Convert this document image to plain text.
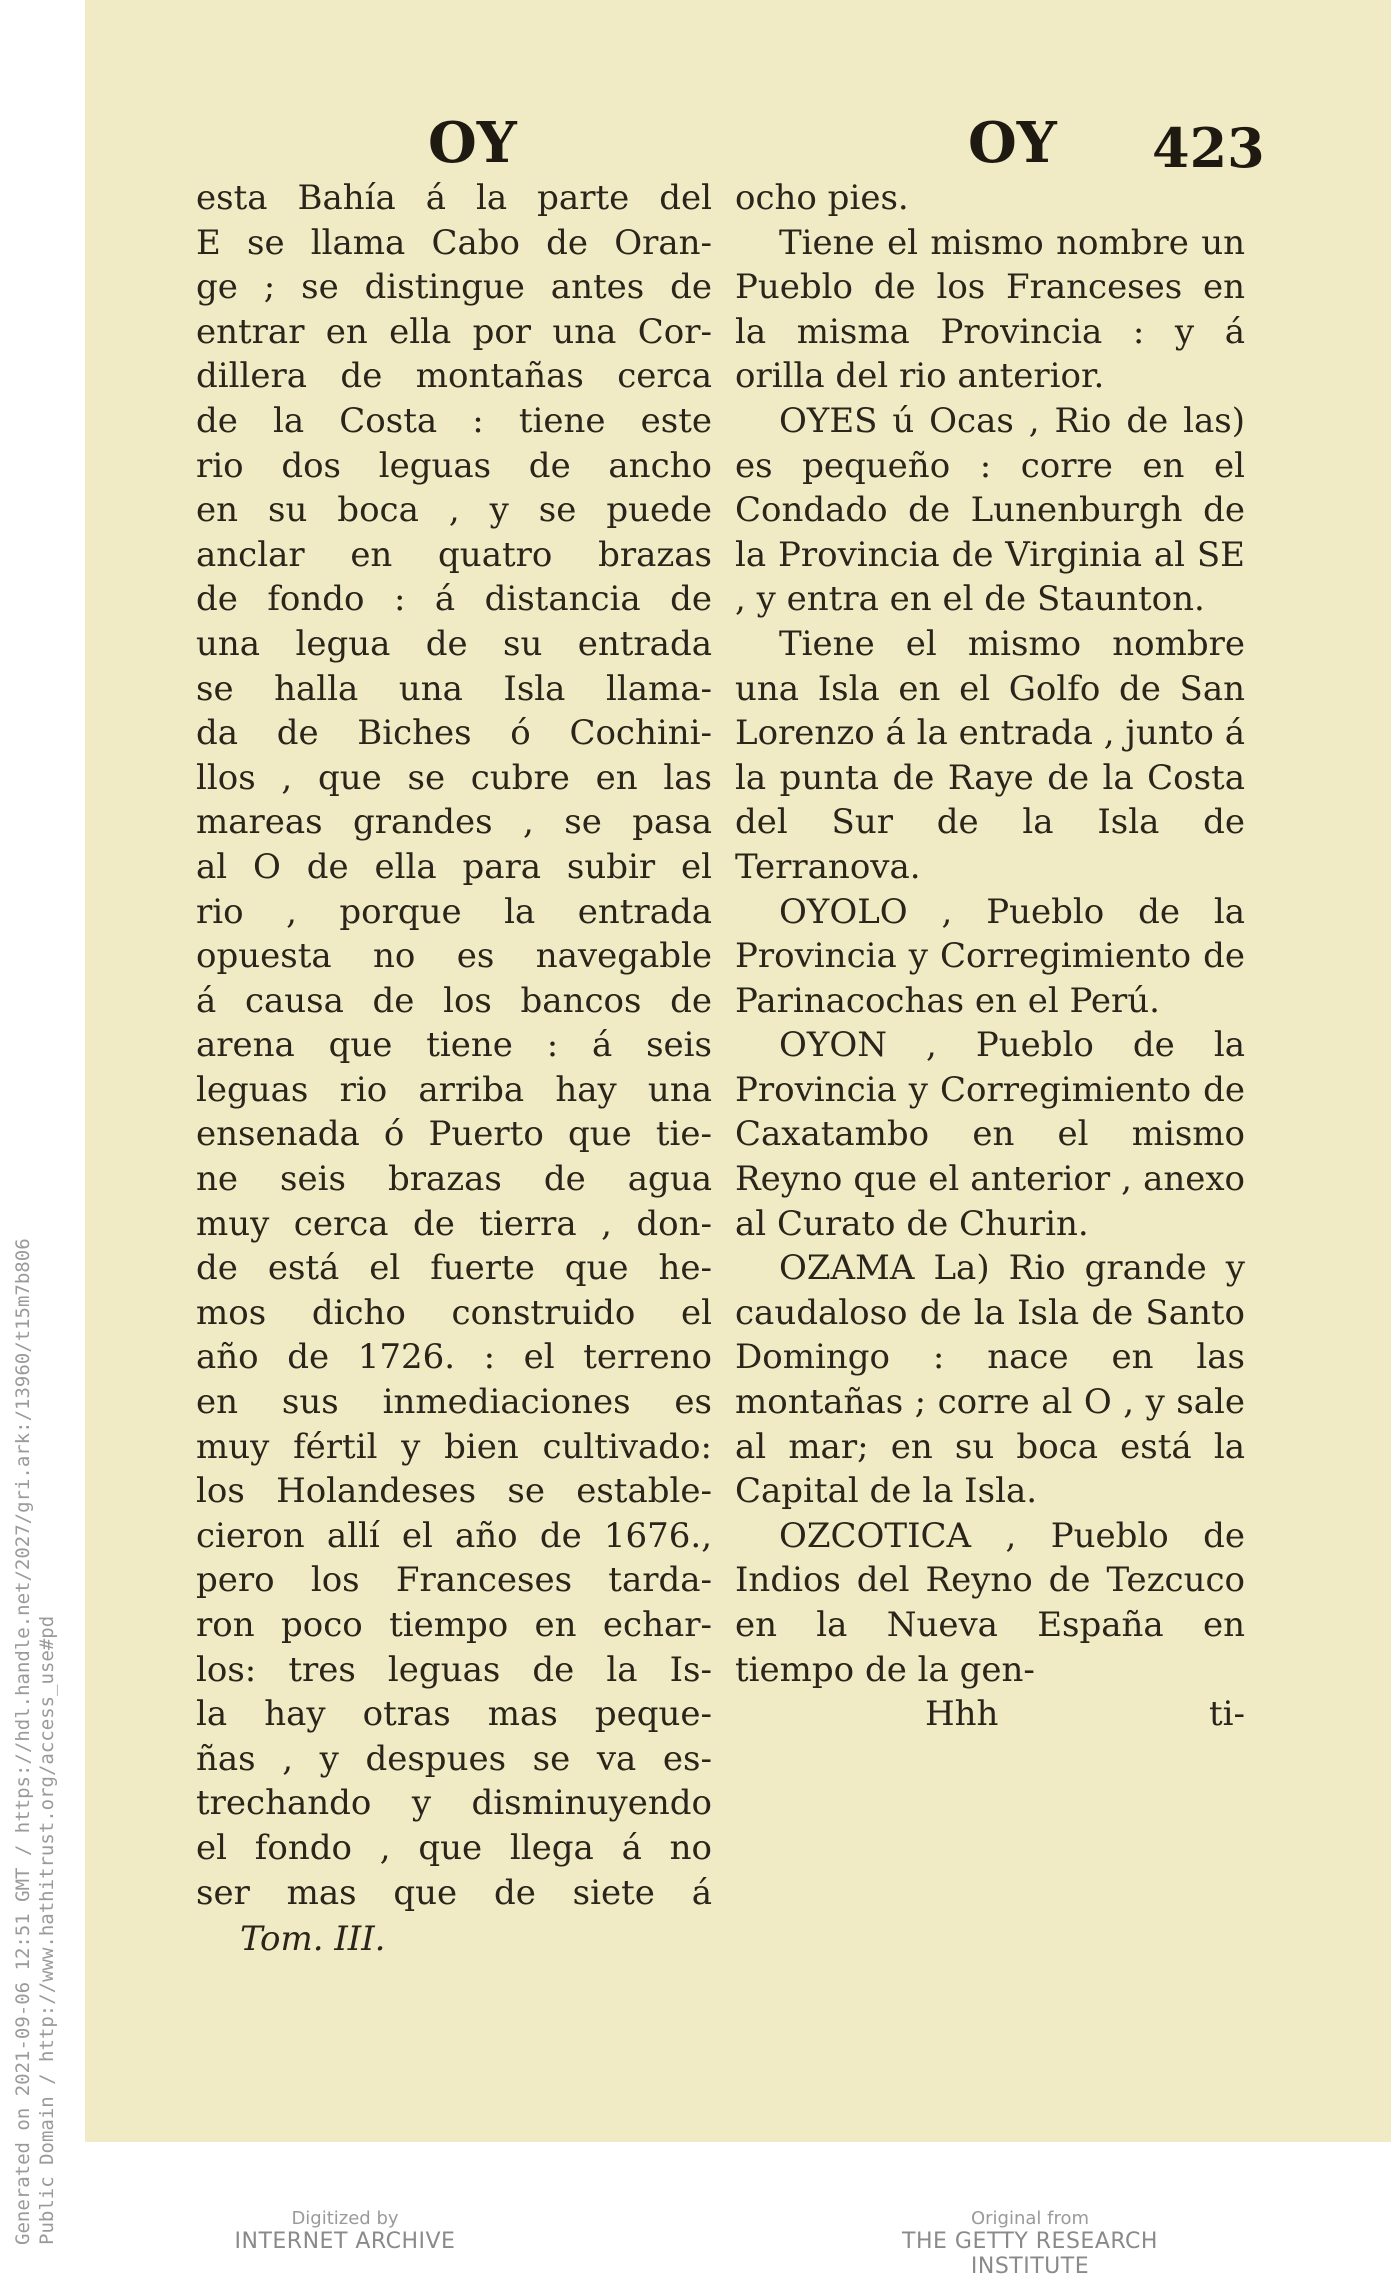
Generated on 2021-09-06 12:51 GMT / https://hdl.handle.net/2027/gri.ark:/13960/t15m7b806 Public Domain / http://www.hathitrust.org/access_use#pd
OY	OY 423

esta Bahía á la parte del

E se llama Cabo de Oran-

ge ; se distingue antes de

entrar en ella por una Cor-

dillera de montañas cerca

de la Costa : tiene este

rio dos leguas de ancho

en su boca , y se puede

anclar en quatro brazas

de fondo : á distancia de

una legua de su entrada

se halla una Isla llama-

da de Biches ó Cochini-

llos , que se cubre en las

mareas grandes , se pasa

al O de ella para subir el

rio , porque la entrada

opuesta no es navegable

á causa de los bancos de

arena que tiene : á seis

leguas rio arriba hay una

ensenada ó Puerto que tie-

ne seis brazas de agua

muy cerca de tierra , don-

de está el fuerte que he-

mos dicho construido el

año de 1726. : el terreno

en sus inmediaciones es

muy fértil y bien cultivado:

los Holandeses se estable-

cieron allí el año de 1676.,

pero los Franceses tarda-

ron poco tiempo en echar-

los: tres leguas de la Is-

la hay otras mas peque-

ñas , y despues se va es-

trechando y disminuyendo

el fondo , que llega á no

ser mas que de siete á

Tom. III.

ocho pies.

Tiene el mismo nombre un Pueblo de los Franceses en la misma Provincia : y á orilla del rio anterior.

OYES ú Ocas , Rio de las) es pequeño : corre en el Condado de Lunenburgh de la Provincia de Virginia al SE , y entra en el de Staunton.

Tiene el mismo nombre una Isla en el Golfo de San Lorenzo á la entrada , junto á la punta de Raye de la Costa del Sur de la Isla de Terranova.

OYOLO , Pueblo de la Provincia y Corregimiento de Parinacochas en el Perú.

OYON , Pueblo de la Provincia y Corregimiento de Caxatambo en el mismo Reyno que el anterior , anexo al Curato de Churin.

OZAMA La) Rio grande y caudaloso de la Isla de Santo Domingo : nace en las montañas ; corre al O , y sale al mar; en su boca está la Capital de la Isla.

OZCOTICA , Pueblo de Indios del Reyno de Tezcuco en la Nueva España en tiempo de la gen-

Hhh	ti-
Digitized by
INTERNET ARCHIVE
Original from
THE GETTY RESEARCH INSTITUTE
